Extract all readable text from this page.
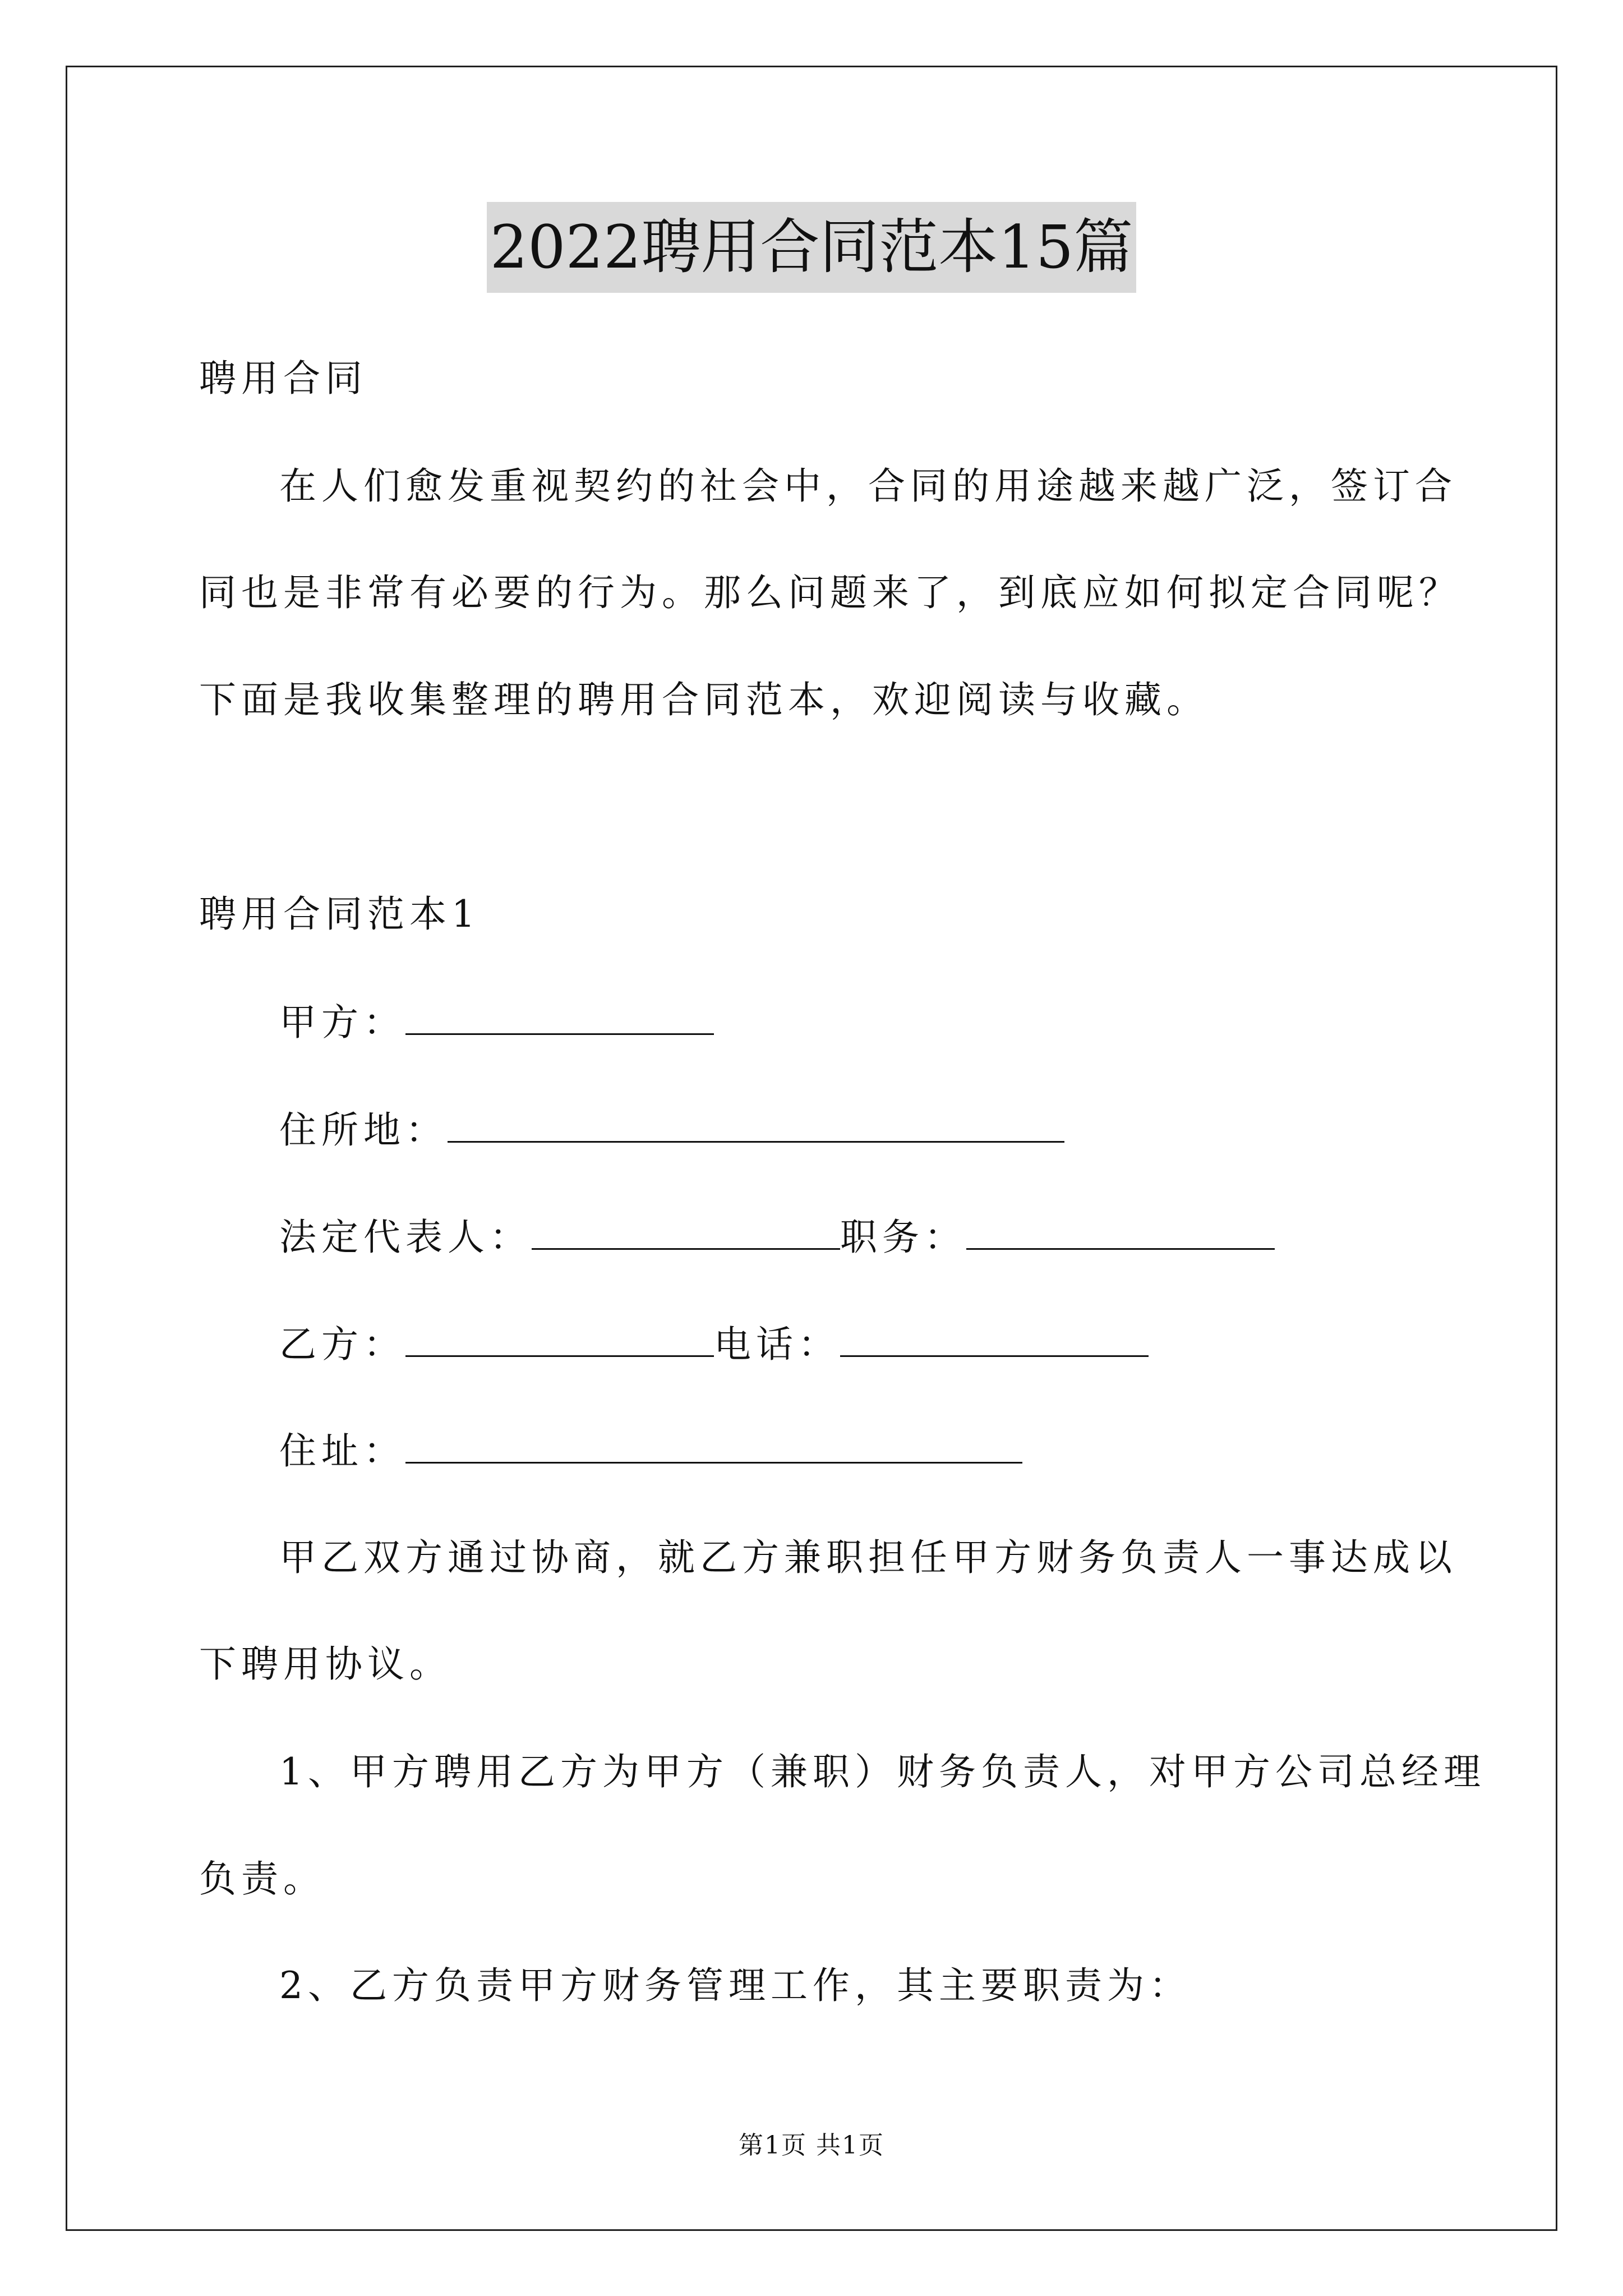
2022聘用合同范本15篇
聘用合同
在人们愈发重视契约的社会中，合同的用途越来越广泛，签订合
同也是非常有必要的行为。那么问题来了，到底应如何拟定合同呢？
下面是我收集整理的聘用合同范本，欢迎阅读与收藏。
聘用合同范本1
甲方：
住所地：
法定代表人：	职务：
乙方：	电话：
住址：
甲乙双方通过协商，就乙方兼职担任甲方财务负责人一事达成以
下聘用协议。
1、甲方聘用乙方为甲方（兼职）财务负责人，对甲方公司总经理
负责。
2、乙方负责甲方财务管理工作，其主要职责为：
第1页 共1页
